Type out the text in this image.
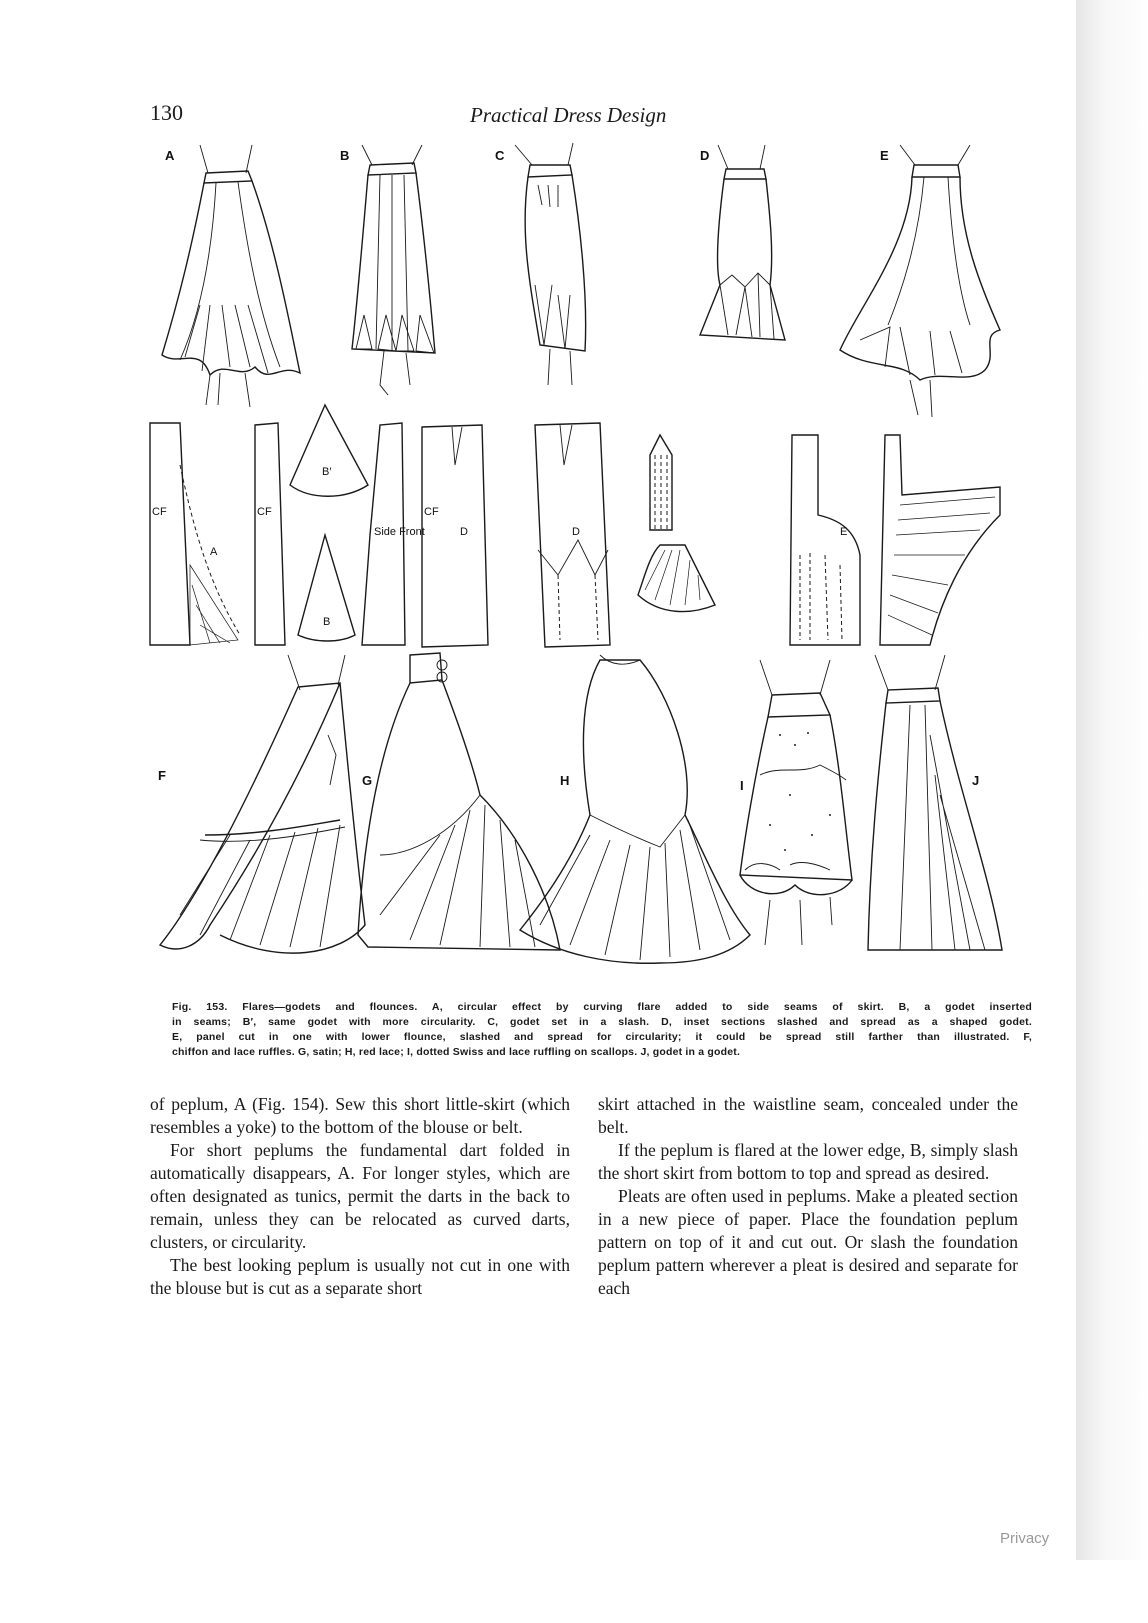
130	Practical Dress Design
A	B	C	D	E
CF
A
CF
B′
B
Side Front
CF
D	D	E
F	G	H	I	J
Fig. 153. Flares—godets and flounces. A, circular effect by curving flare added to side seams of skirt. B, a godet inserted
in seams; B′, same godet with more circularity. C, godet set in a slash. D, inset sections slashed and spread as a shaped godet.
E, panel cut in one with lower flounce, slashed and spread for circularity; it could be spread still farther than illustrated. F,
chiffon and lace ruffles. G, satin; H, red lace; I, dotted Swiss and lace ruffling on scallops. J, godet in a godet.

of peplum, A (Fig. 154). Sew this short little-skirt (which resembles a yoke) to the bottom of the blouse or belt.

For short peplums the fundamental dart folded in automatically disappears, A. For longer styles, which are often designated as tunics, permit the darts in the back to remain, unless they can be relocated as curved darts, clusters, or circularity.

The best looking peplum is usually not cut in one with the blouse but is cut as a separate short

skirt attached in the waistline seam, concealed under the belt.

If the peplum is flared at the lower edge, B, simply slash the short skirt from bottom to top and spread as desired.

Pleats are often used in peplums. Make a pleated section in a new piece of paper. Place the foundation peplum pattern on top of it and cut out. Or slash the foundation peplum pattern wherever a pleat is desired and separate for each

Privacy
